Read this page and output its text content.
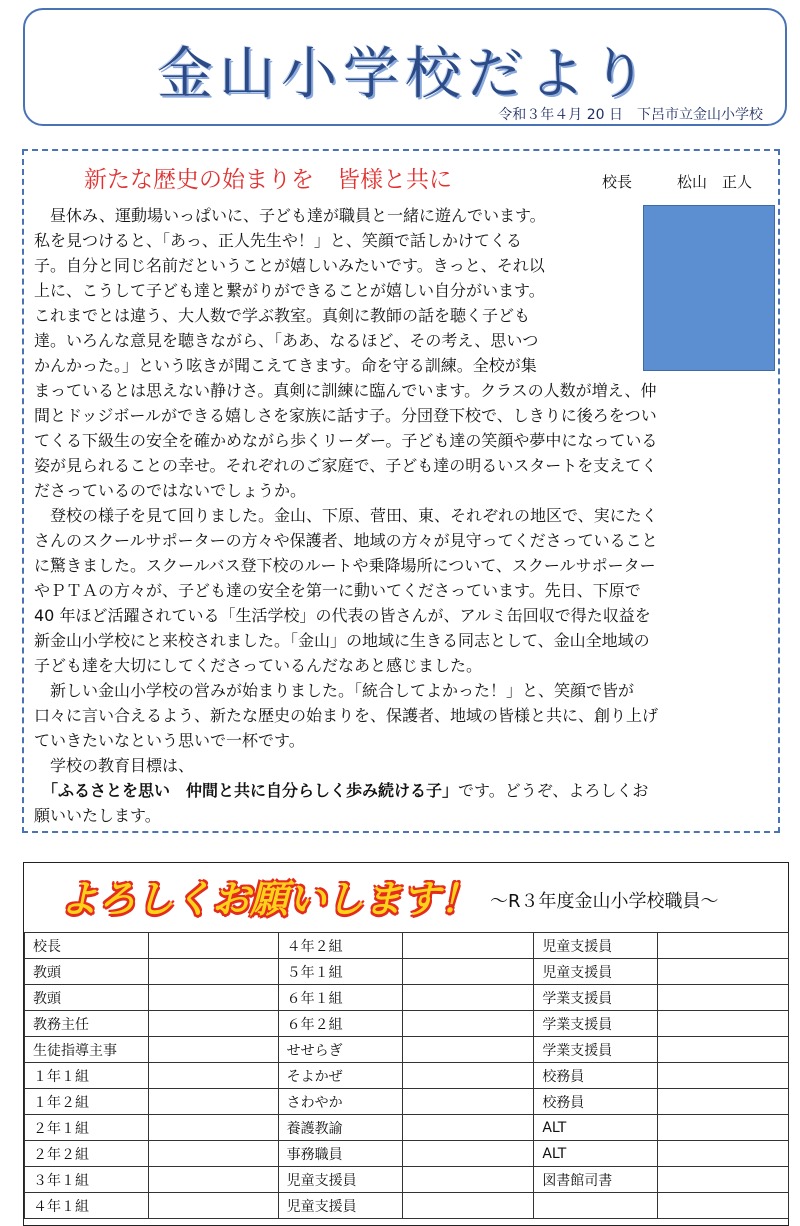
金山小学校だより
令和３年４月 20 日　下呂市立金山小学校
新たな歴史の始まりを　皆様と共に	校長　　　松山　正人
　昼休み、運動場いっぱいに、子ども達が職員と一緒に遊んでいます。
私を見つけると、「あっ、正人先生や！」と、笑顔で話しかけてくる
子。自分と同じ名前だということが嬉しいみたいです。きっと、それ以
上に、こうして子ども達と繋がりができることが嬉しい自分がいます。
これまでとは違う、大人数で学ぶ教室。真剣に教師の話を聴く子ども
達。いろんな意見を聴きながら、「ああ、なるほど、その考え、思いつ
かんかった。」という呟きが聞こえてきます。命を守る訓練。全校が集
まっているとは思えない静けさ。真剣に訓練に臨んでいます。クラスの人数が増え、仲
間とドッジボールができる嬉しさを家族に話す子。分団登下校で、しきりに後ろをつい
てくる下級生の安全を確かめながら歩くリーダー。子ども達の笑顔や夢中になっている
姿が見られることの幸せ。それぞれのご家庭で、子ども達の明るいスタートを支えてく
ださっているのではないでしょうか。
　登校の様子を見て回りました。金山、下原、菅田、東、それぞれの地区で、実にたく
さんのスクールサポーターの方々や保護者、地域の方々が見守ってくださっていること
に驚きました。スクールバス登下校のルートや乗降場所について、スクールサポーター
やＰＴＡの方々が、子ども達の安全を第一に動いてくださっています。先日、下原で
40 年ほど活躍されている「生活学校」の代表の皆さんが、アルミ缶回収で得た収益を
新金山小学校にと来校されました。「金山」の地域に生きる同志として、金山全地域の
子ども達を大切にしてくださっているんだなあと感じました。
　新しい金山小学校の営みが始まりました。「統合してよかった！」と、笑顔で皆が
口々に言い合えるよう、新たな歴史の始まりを、保護者、地域の皆様と共に、創り上げ
ていきたいなという思いで一杯です。
　学校の教育目標は、
　「ふるさとを思い　仲間と共に自分らしく歩み続ける子」です。どうぞ、よろしくお
願いいたします。
よろしくお願いします！ ～R３年度金山小学校職員～
校長		４年２組		児童支援員	
教頭		５年１組		児童支援員	
教頭		６年１組		学業支援員	
教務主任		６年２組		学業支援員	
生徒指導主事		せせらぎ		学業支援員	
１年１組		そよかぜ		校務員	
１年２組		さわやか		校務員	
２年１組		養護教諭		ALT	
２年２組		事務職員		ALT	
３年１組		児童支援員		図書館司書	
４年１組		児童支援員			
